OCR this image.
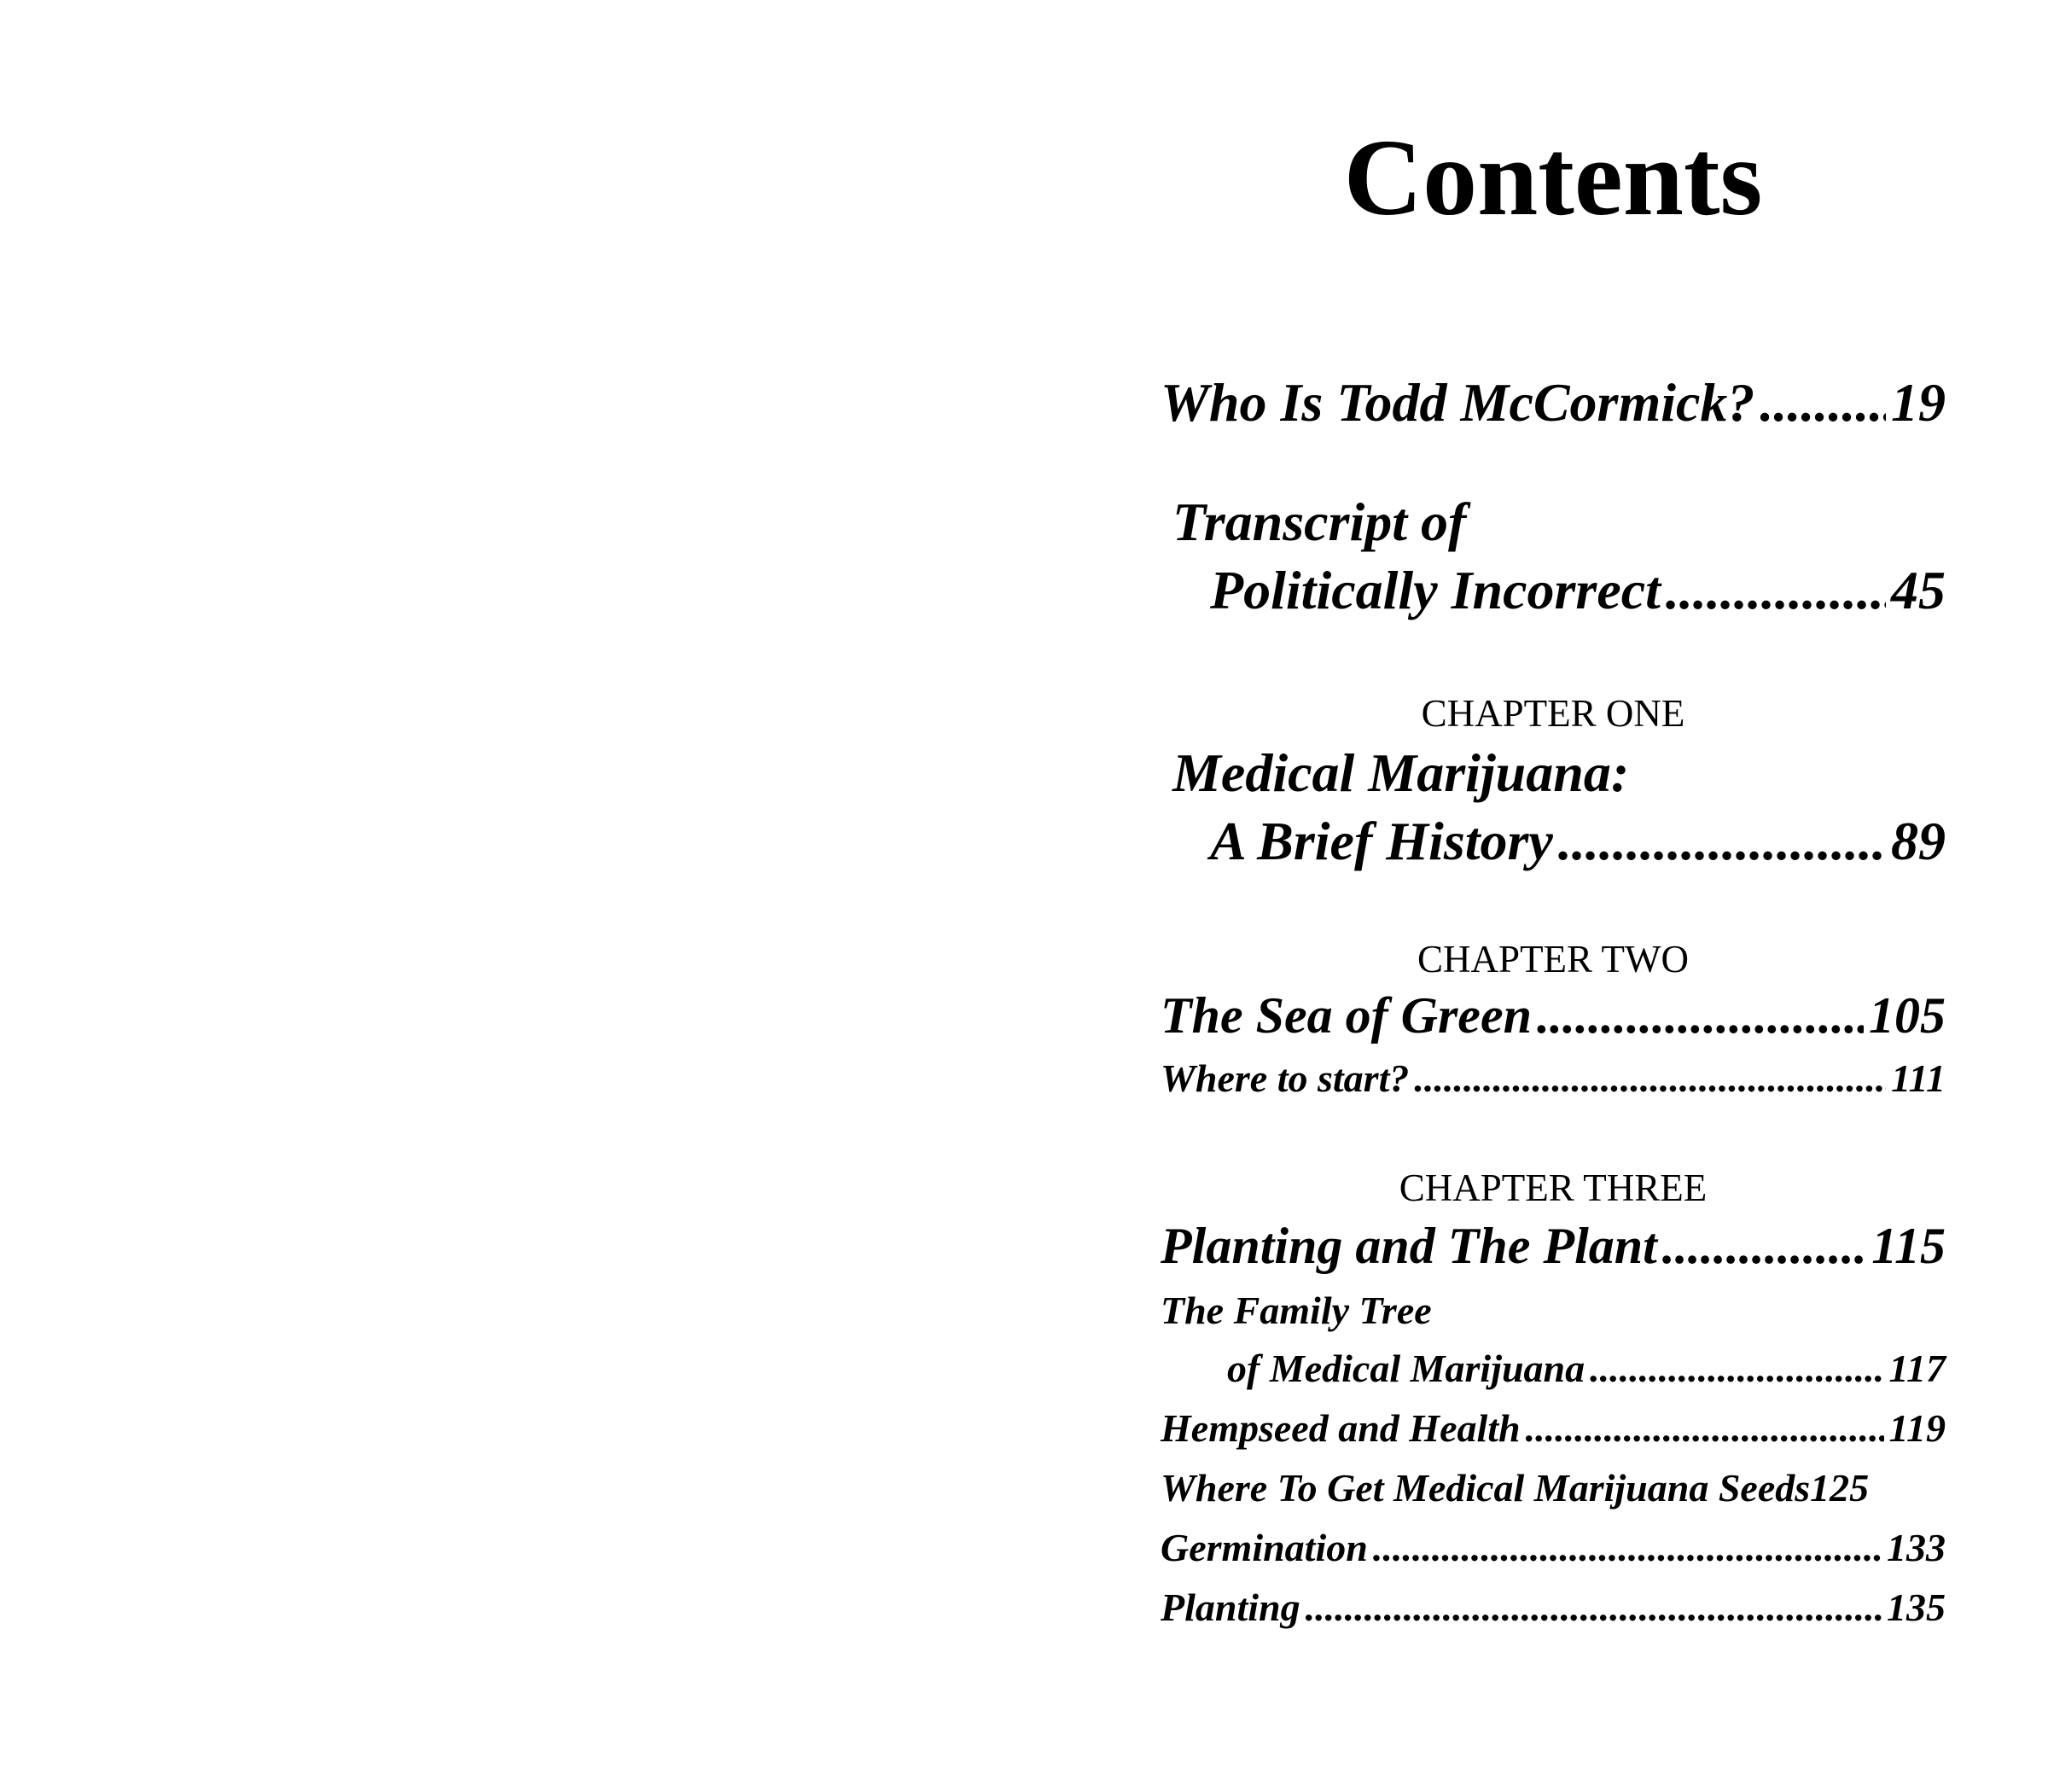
Contents
Who Is Todd McCormick? ..... 19
Transcript of
Politically Incorrect .....	45
CHAPTER ONE
Medical Marijuana:
A Brief History .....	89
CHAPTER TWO
The Sea of Green .....	105
Where to start? .....	111
CHAPTER THREE
Planting and The Plant .....	115
The Family Tree
of Medical Marijuana .....	117
Hempseed and Health .....	119
Where To Get Medical Marijuana Seeds 125
Germination .....	133
Planting .....	135
